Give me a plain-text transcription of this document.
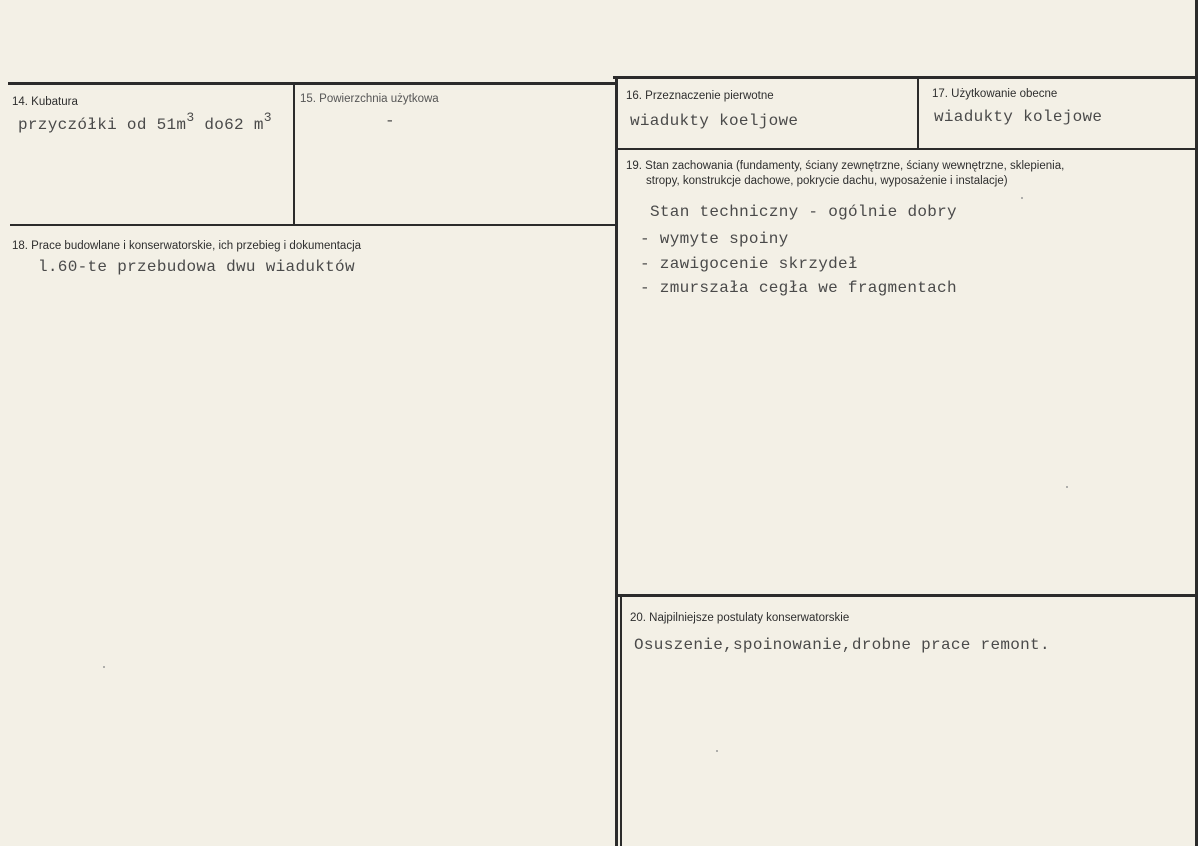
14. Kubatura
przyczółki od $51m^3$ do62 $m^3$
15. Powierzchnia użytkowa
-
16. Przeznaczenie pierwotne
wiadukty koeljowe
17. Użytkowanie obecne
wiadukty kolejowe
18. Prace budowlane i konserwatorskie, ich przebieg i dokumentacja
l.60-te przebudowa dwu wiaduktów
19. Stan zachowania (fundamenty, ściany zewnętrzne, ściany wewnętrzne, sklepienia,
stropy, konstrukcje dachowe, pokrycie dachu, wyposażenie i instalacje)
Stan techniczny - ogólnie dobry
- wymyte spoiny
- zawigocenie skrzydeł
- zmurszała cegła we fragmentach
20. Najpilniejsze postulaty konserwatorskie
Osuszenie,spoinowanie,drobne prace remont.
